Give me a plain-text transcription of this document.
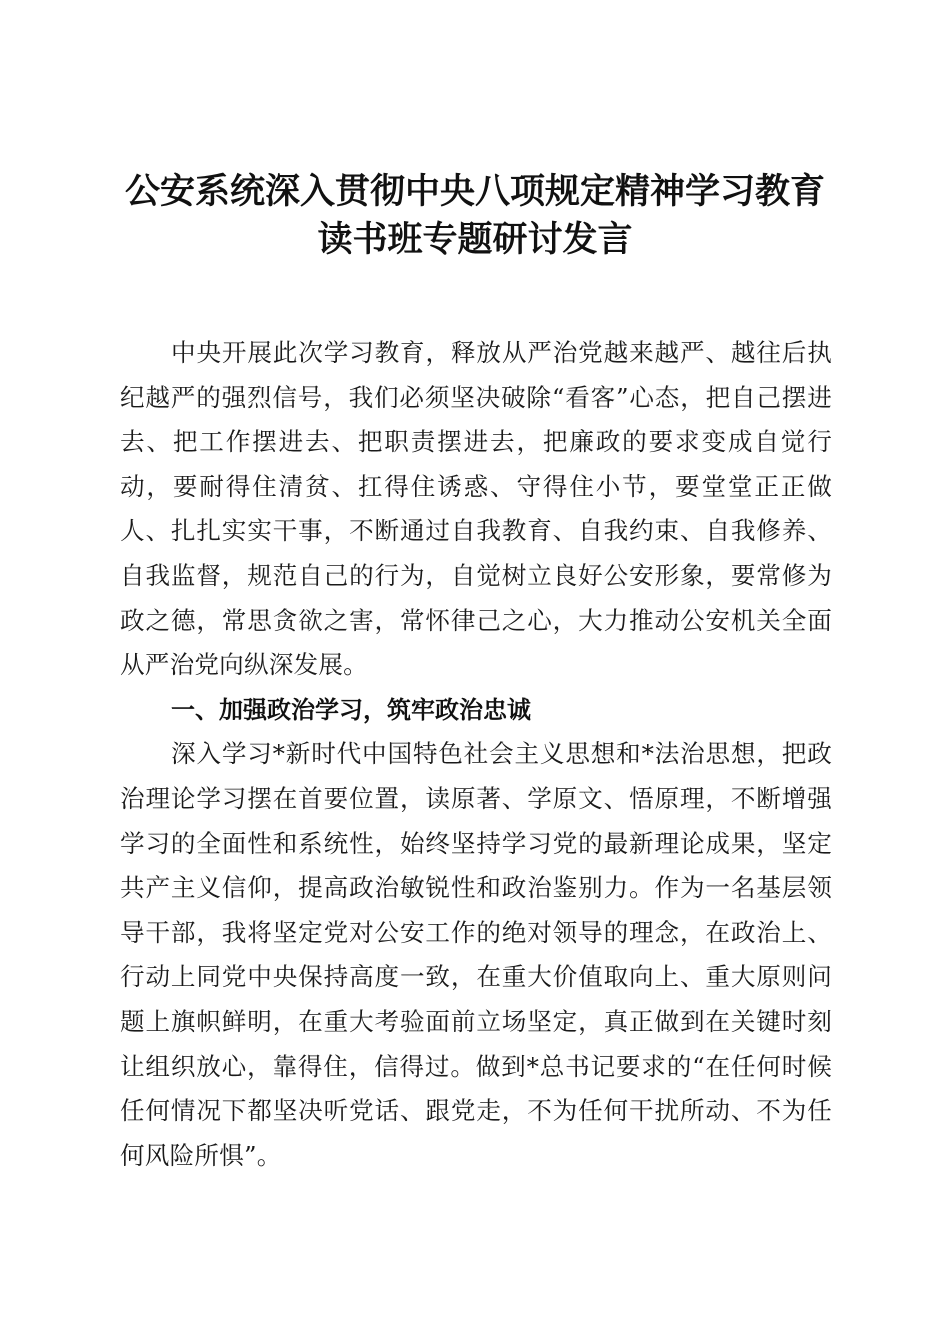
公安系统深入贯彻中央八项规定精神学习教育
读书班专题研讨发言

中央开展此次学习教育，释放从严治党越来越严、越往后执纪越严的强烈信号，我们必须坚决破除“看客”心态，把自己摆进去、把工作摆进去、把职责摆进去，把廉政的要求变成自觉行动，要耐得住清贫、扛得住诱惑、守得住小节，要堂堂正正做人、扎扎实实干事，不断通过自我教育、自我约束、自我修养、自我监督，规范自己的行为，自觉树立良好公安形象，要常修为政之德，常思贪欲之害，常怀律己之心，大力推动公安机关全面从严治党向纵深发展。

一、加强政治学习，筑牢政治忠诚

深入学习*新时代中国特色社会主义思想和*法治思想，把政治理论学习摆在首要位置，读原著、学原文、悟原理，不断增强学习的全面性和系统性，始终坚持学习党的最新理论成果，坚定共产主义信仰，提高政治敏锐性和政治鉴别力。作为一名基层领导干部，我将坚定党对公安工作的绝对领导的理念，在政治上、行动上同党中央保持高度一致，在重大价值取向上、重大原则问题上旗帜鲜明，在重大考验面前立场坚定，真正做到在关键时刻让组织放心，靠得住，信得过。做到*总书记要求的“在任何时候任何情况下都坚决听党话、跟党走，不为任何干扰所动、不为任何风险所惧”。
